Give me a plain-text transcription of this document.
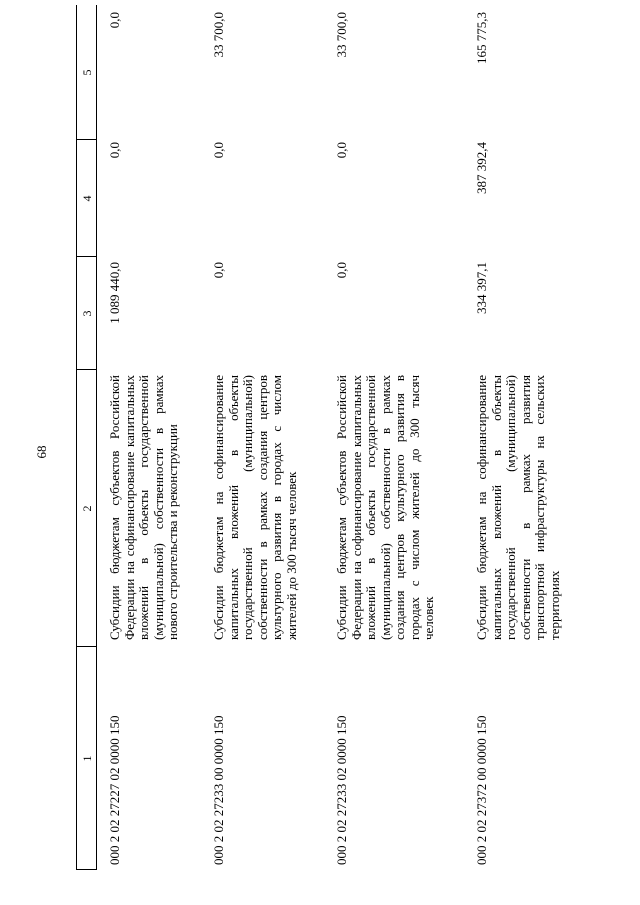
68
1
2
3
4
5
000 2 02 27227 02 0000 150
Субсидии бюджетам субъектов Российской Федерации на софинансирование капитальных вложений в объекты государственной (муниципальной) собственности в рамках нового строительства и реконструкции
1 089 440,0
0,0
0,0
000 2 02 27233 00 0000 150
Субсидии бюджетам на софинансирование капитальных вложений в объекты государственной (муниципальной) собственности в рамках создания центров культурного развития в городах с числом жителей до 300 тысяч человек
0,0
0,0
33 700,0
000 2 02 27233 02 0000 150
Субсидии бюджетам субъектов Российской Федерации на софинансирование капитальных вложений в объекты государственной (муниципальной) собственности в рамках создания центров культурного развития в городах с числом жителей до 300 тысяч человек
0,0
0,0
33 700,0
000 2 02 27372 00 0000 150
Субсидии бюджетам на софинансирование капитальных вложений в объекты государственной (муниципальной) собственности в рамках развития транспортной инфраструктуры на сельских территориях
334 397,1
387 392,4
165 775,3
